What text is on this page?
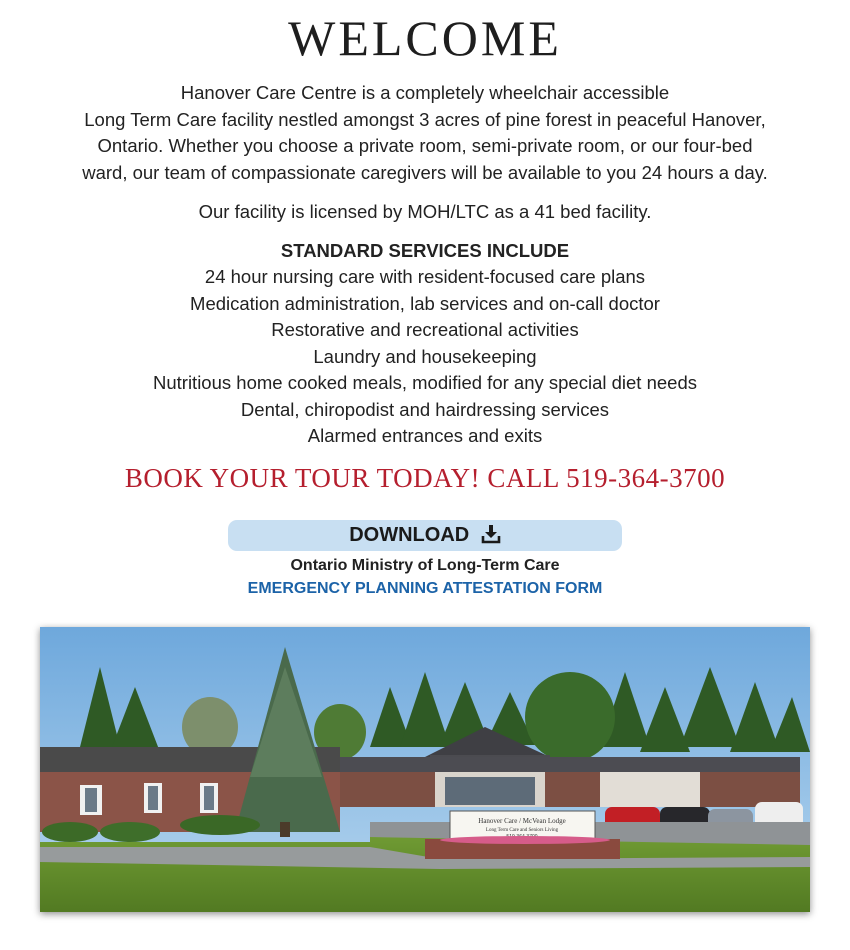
WELCOME
Hanover Care Centre is a completely wheelchair accessible
Long Term Care facility nestled amongst 3 acres of pine forest in peaceful Hanover,
Ontario. Whether you choose a private room, semi-private room, or our four-bed
ward, our team of compassionate caregivers will be available to you 24 hours a day.
Our facility is licensed by MOH/LTC as a 41 bed facility.
STANDARD SERVICES INCLUDE
24 hour nursing care with resident-focused care plans
Medication administration, lab services and on-call doctor
Restorative and recreational activities
Laundry and housekeeping
Nutritious home cooked meals, modified for any special diet needs
Dental, chiropodist and hairdressing services
Alarmed entrances and exits
BOOK YOUR TOUR TODAY! CALL 519-364-3700
DOWNLOAD
Ontario Ministry of Long-Term Care
EMERGENCY PLANNING ATTESTATION FORM
Hanover Care / McVean Lodge
Long Term Care and Seniors Living
